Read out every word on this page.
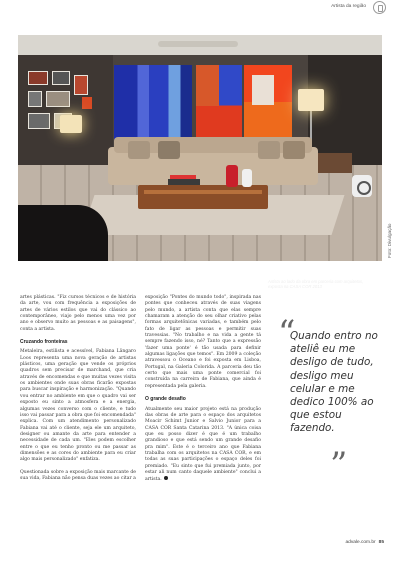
Artista da região
Artista ao lado da obra em parceria com arquitetos, exposta na CASA COR 2013
Foto: Divulgação

artes plásticas. "Fiz cursos técnicos e de história da arte, vou com frequência a exposições de artes de vários estilos que vai do clássico ao contemporâneo, viajo pelo menos uma vez por ano e observo muito as pessoas e as paisagens", conta a artista.

Cruzando fronteiras

Metaleira, estilista e acessível, Fabiana Lângaro Loos representa uma nova geração de artistas plásticos, uma geração que vende os próprios quadros sem precisar de marchand, que cria através de encomendas e que muitas vezes visita os ambientes onde suas obras ficarão expostas para buscar inspiração e harmonização. "Quando vou entrar no ambiente em que o quadro vai ser exposto eu sinto a atmosfera e a energia, algumas vezes converso com o cliente, e tudo isso vai passar para a obra que foi encomendada" explica. Com um atendimento personalizado Fabiana vai até o cliente, seja ele um arquiteto, designer ou amante da arte para entender a necessidade de cada um. "Eles podem escolher entre o que eu tenho pronto ou me passar as dimensões e as cores do ambiente para eu criar algo mais personalizado" enfatiza.

Questionada sobre a exposição mais marcante de sua vida, Fabiana não pensa duas vezes ao citar a

exposição "Pontes do mundo todo", inspirada nas pontes que conheceu através de suas viagens pelo mundo, a artista conta que elas sempre chamaram a atenção do seu olhar criativo pelas formas arquitetônicas variadas, e também pelo fato de ligar as pessoas e permitir suas travessias. "No trabalho e na vida a gente tá sempre fazendo isso, né? Tanto que a expressão 'fazer uma ponte' é tão usada para definir algumas ligações que temos". Em 2009 a coleção atravessou o Oceano e foi exposta em Lisboa, Portugal, na Galeria Colorida. A parceria deu tão certo que mais uma ponte comercial foi construída na carreira de Fabiana, que ainda é representada pela galeria.

O grande desafio

Atualmente seu maior projeto está na produção das obras de arte para o espaço dos arquitetos Moacir Schimt Junior e Salvio Junior para a CASA COR Santa Catarina 2013. "A única coisa que eu posso dizer é que é um trabalho grandioso e que está sendo um grande desafio pra mim". Este é o terceiro ano que Fabiana trabalha com os arquitetos na CASA COR, e em todas as suas participações o espaço deles foi premiado. "Eu sinto que fui premiada junto, por estar ali num canto daquele ambiente" conclui a artista.

“
Quando entro no ateliê eu me desligo de tudo, desligo meu celular e me dedico 100% ao que estou fazendo.
”
advale.com.br 85
